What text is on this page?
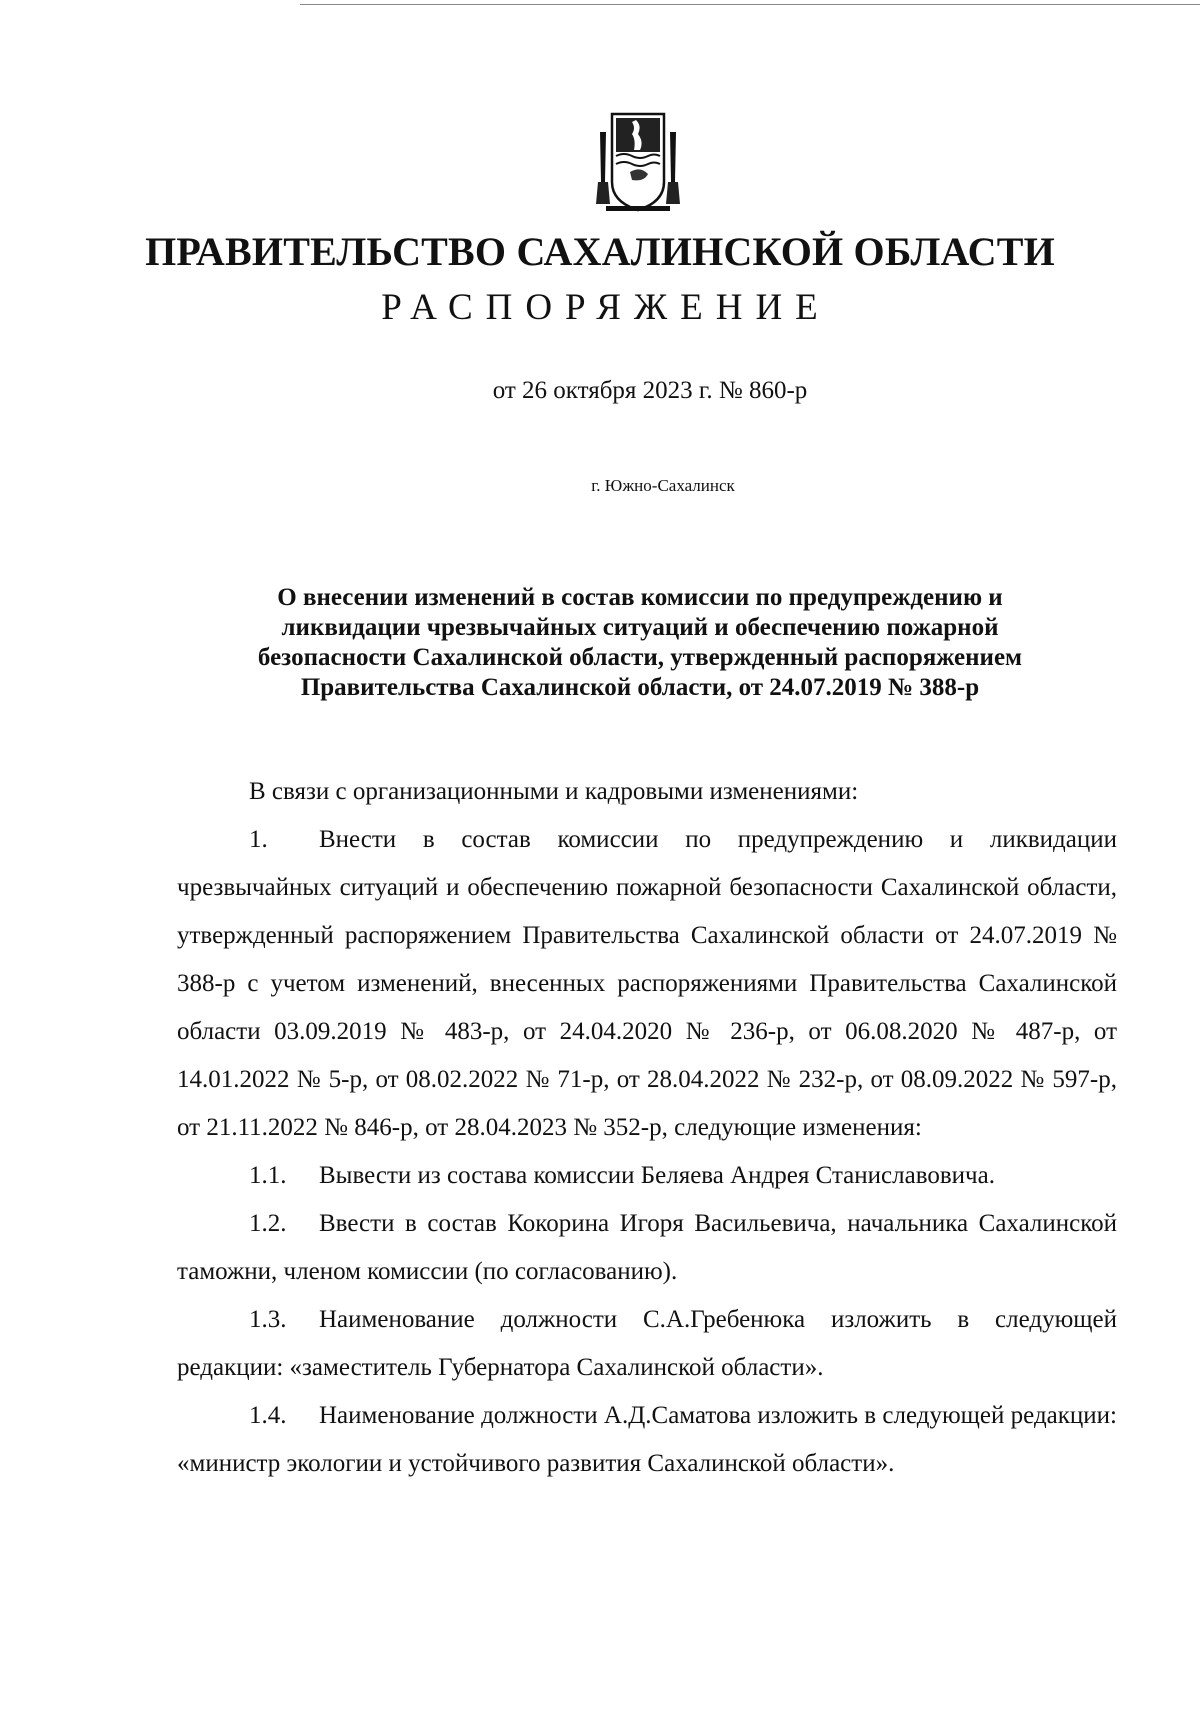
ПРАВИТЕЛЬСТВО САХАЛИНСКОЙ ОБЛАСТИ
РАСПОРЯЖЕНИЕ
от 26 октября 2023 г. № 860-р
г. Южно-Сахалинск
О внесении изменений в состав комиссии по предупреждению и
ликвидации чрезвычайных ситуаций и обеспечению пожарной
безопасности Сахалинской области, утвержденный распоряжением
Правительства Сахалинской области, от 24.07.2019 № 388-р

В связи с организационными и кадровыми изменениями:

1. Внести в состав комиссии по предупреждению и ликвидации чрезвычайных ситуаций и обеспечению пожарной безопасности Сахалинской области, утвержденный распоряжением Правительства Сахалинской области от 24.07.2019 № 388-р с учетом изменений, внесенных распоряжениями Правительства Сахалинской области 03.09.2019 № 483-р, от 24.04.2020 № 236-р, от 06.08.2020 № 487-р, от 14.01.2022 № 5-р, от 08.02.2022 № 71-р, от 28.04.2022 № 232-р, от 08.09.2022 № 597-р, от 21.11.2022 № 846-р, от 28.04.2023 № 352-р, следующие изменения:

1.1. Вывести из состава комиссии Беляева Андрея Станиславовича.

1.2. Ввести в состав Кокорина Игоря Васильевича, начальника Сахалинской таможни, членом комиссии (по согласованию).

1.3. Наименование должности С.А.Гребенюка изложить в следующей редакции: «заместитель Губернатора Сахалинской области».

1.4. Наименование должности А.Д.Саматова изложить в следующей редакции: «министр экологии и устойчивого развития Сахалинской области».
